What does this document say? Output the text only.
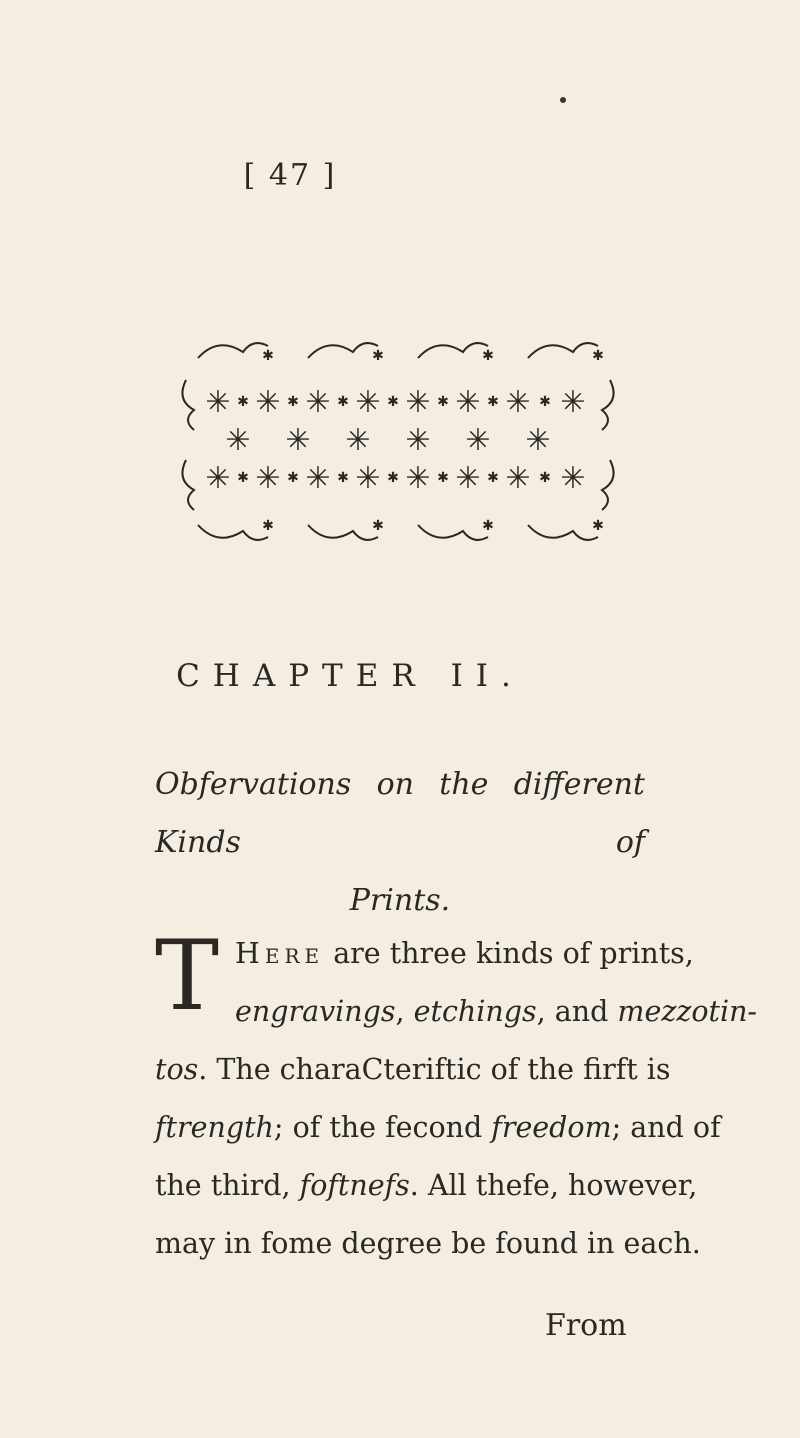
[ 47 ]
✳ ✳ ✳ ✳ ✳ ✳ ✳ ✳
✳ ✳ ✳ ✳ ✳ ✳
✳ ✳ ✳ ✳ ✳ ✳ ✳ ✳
✱	✱	✱	✱	✱	✱	✱
✱	✱	✱	✱	✱	✱	✱
✱	✱	✱	✱
✱	✱	✱	✱
CHAPTER II.
Obfervations on the different Kinds of
Prints.
T Here are three kinds of prints,
engravings, etchings, and mezzotin-
tos. The charaCteriftic of the firft is
ftrength; of the fecond freedom; and of
the third, foftnefs. All thefe, however,
may in fome degree be found in each.
From
